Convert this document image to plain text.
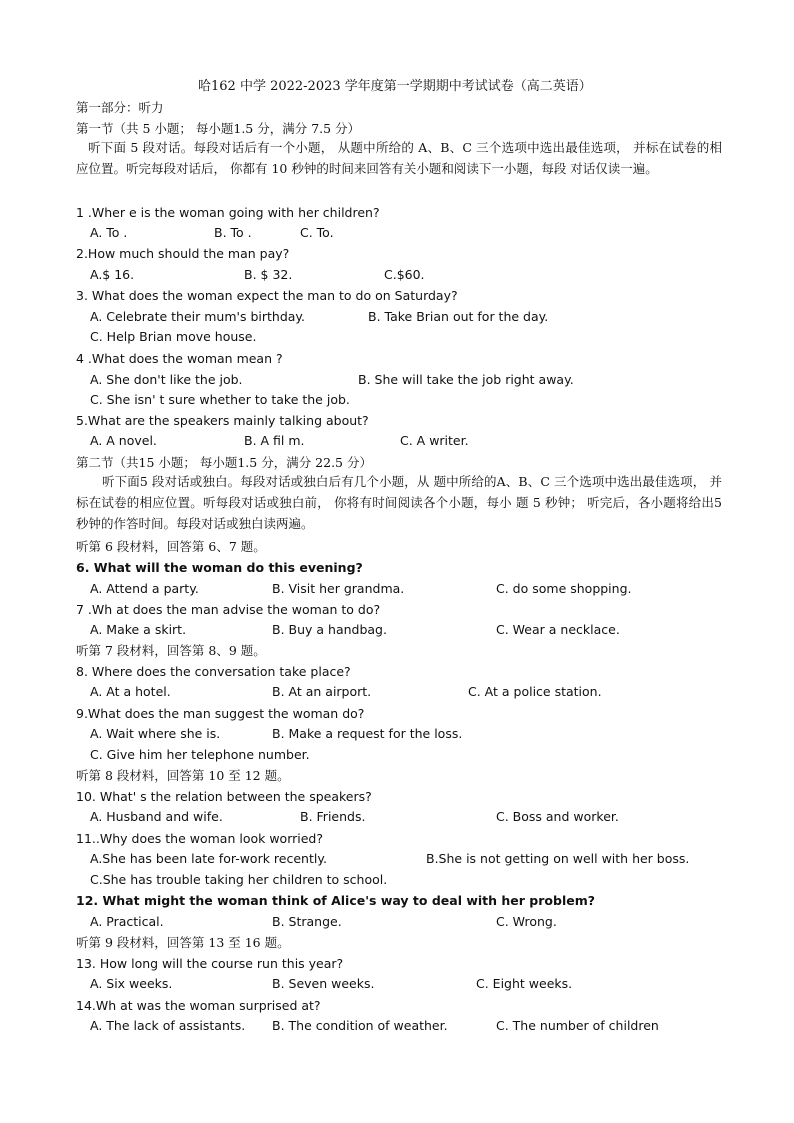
哈162 中学 2022-2023 学年度第一学期期中考试试卷（高二英语）
第一部分：听力
第一节（共 5 小题； 每小题1.5 分，满分 7.5 分）
听下面 5 段对话。每段对话后有一个小题， 从题中所给的 A、B、C 三个选项中选出最佳选项， 并标在试卷的相应位置。听完每段对话后， 你都有 10 秒钟的时间来回答有关小题和阅读下一小题，每段 对话仅读一遍。
1 .Wher e is the woman going with her children?
A. To .	B. To .	C. To.
2.How much should the man pay?
A.$ 16.	B. $ 32.	C.$60.
3. What does the woman expect the man to do on Saturday?
A. Celebrate their mum's birthday.	B. Take Brian out for the day.
C. Help Brian move house.
4 .What does the woman mean ?
A. She don't like the job.	B. She will take the job right away.
C. She isn' t sure whether to take the job.
5.What are the speakers mainly talking about?
A. A novel.	B. A fil m.	C. A writer.
第二节（共15 小题； 每小题1.5 分，满分 22.5 分）
听下面5 段对话或独白。每段对话或独白后有几个小题，从 题中所给的A、B、C 三个选项中选出最佳选项， 并标在试卷的相应位置。听每段对话或独白前， 你将有时间阅读各个小题，每小 题 5 秒钟； 听完后，各小题将给出5 秒钟的作答时间。每段对话或独白读两遍。
听第 6 段材料，回答第 6、7 题。
6. What will the woman do this evening?
A. Attend a party.	B. Visit her grandma.	C. do some shopping.
7 .Wh at does the man advise the woman to do?
A. Make a skirt.	B. Buy a handbag.	C. Wear a necklace.
听第 7 段材料，回答第 8、9 题。
8. Where does the conversation take place?
A. At a hotel.	B. At an airport.	C. At a police station.
9.What does the man suggest the woman do?
A. Wait where she is.	B. Make a request for the loss.
C. Give him her telephone number.
听第 8 段材料，回答第 10 至 12 题。
10. What' s the relation between the speakers?
A. Husband and wife.	B. Friends.	C. Boss and worker.
11..Why does the woman look worried?
A.She has been late for-work recently.	B.She is not getting on well with her boss.
C.She has trouble taking her children to school.
12. What might the woman think of Alice's way to deal with her problem?
A. Practical.	B. Strange.	C. Wrong.
听第 9 段材料，回答第 13 至 16 题。
13. How long will the course run this year?
A. Six weeks.	B. Seven weeks.	C. Eight weeks.
14.Wh at was the woman surprised at?
A. The lack of assistants. B. The condition of weather.	C. The number of children
